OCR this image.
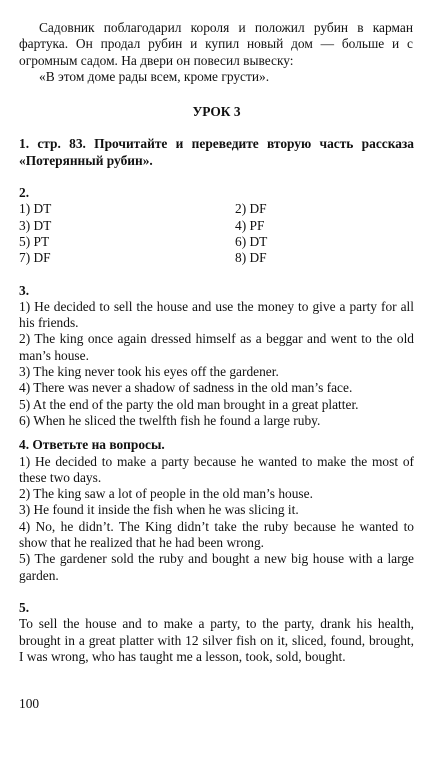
Садовник поблагодарил короля и положил рубин в карман фартука. Он продал рубин и купил новый дом — больше и с огромным садом. На двери он повесил вывеску:

«В этом доме рады всем, кроме грусти».

УРОК 3

1. стр. 83. Прочитайте и переведите вторую часть рассказа «Потерянный рубин».

2.

1) DT	2) DF
3) DT	4) PF
5) PT	6) DT
7) DF	8) DF

3.

1) He decided to sell the house and use the money to give a party for all his friends.

2) The king once again dressed himself as a beggar and went to the old man’s house.

3) The king never took his eyes off the gardener.

4) There was never a shadow of sadness in the old man’s face.

5) At the end of the party the old man brought in a great platter.

6) When he sliced the twelfth fish he found a large ruby.

4. Ответьте на вопросы.

1) He decided to make a party because he wanted to make the most of these two days.

2) The king saw a lot of people in the old man’s house.

3) He found it inside the fish when he was slicing it.

4) No, he didn’t. The King didn’t take the ruby because he wanted to show that he realized that he had been wrong.

5) The gardener sold the ruby and bought a new big house with a large garden.

5.

To sell the house and to make a party, to the party, drank his health, brought in a great platter with 12 silver fish on it, sliced, found, brought, I was wrong, who has taught me a lesson, took, sold, bought.

100
